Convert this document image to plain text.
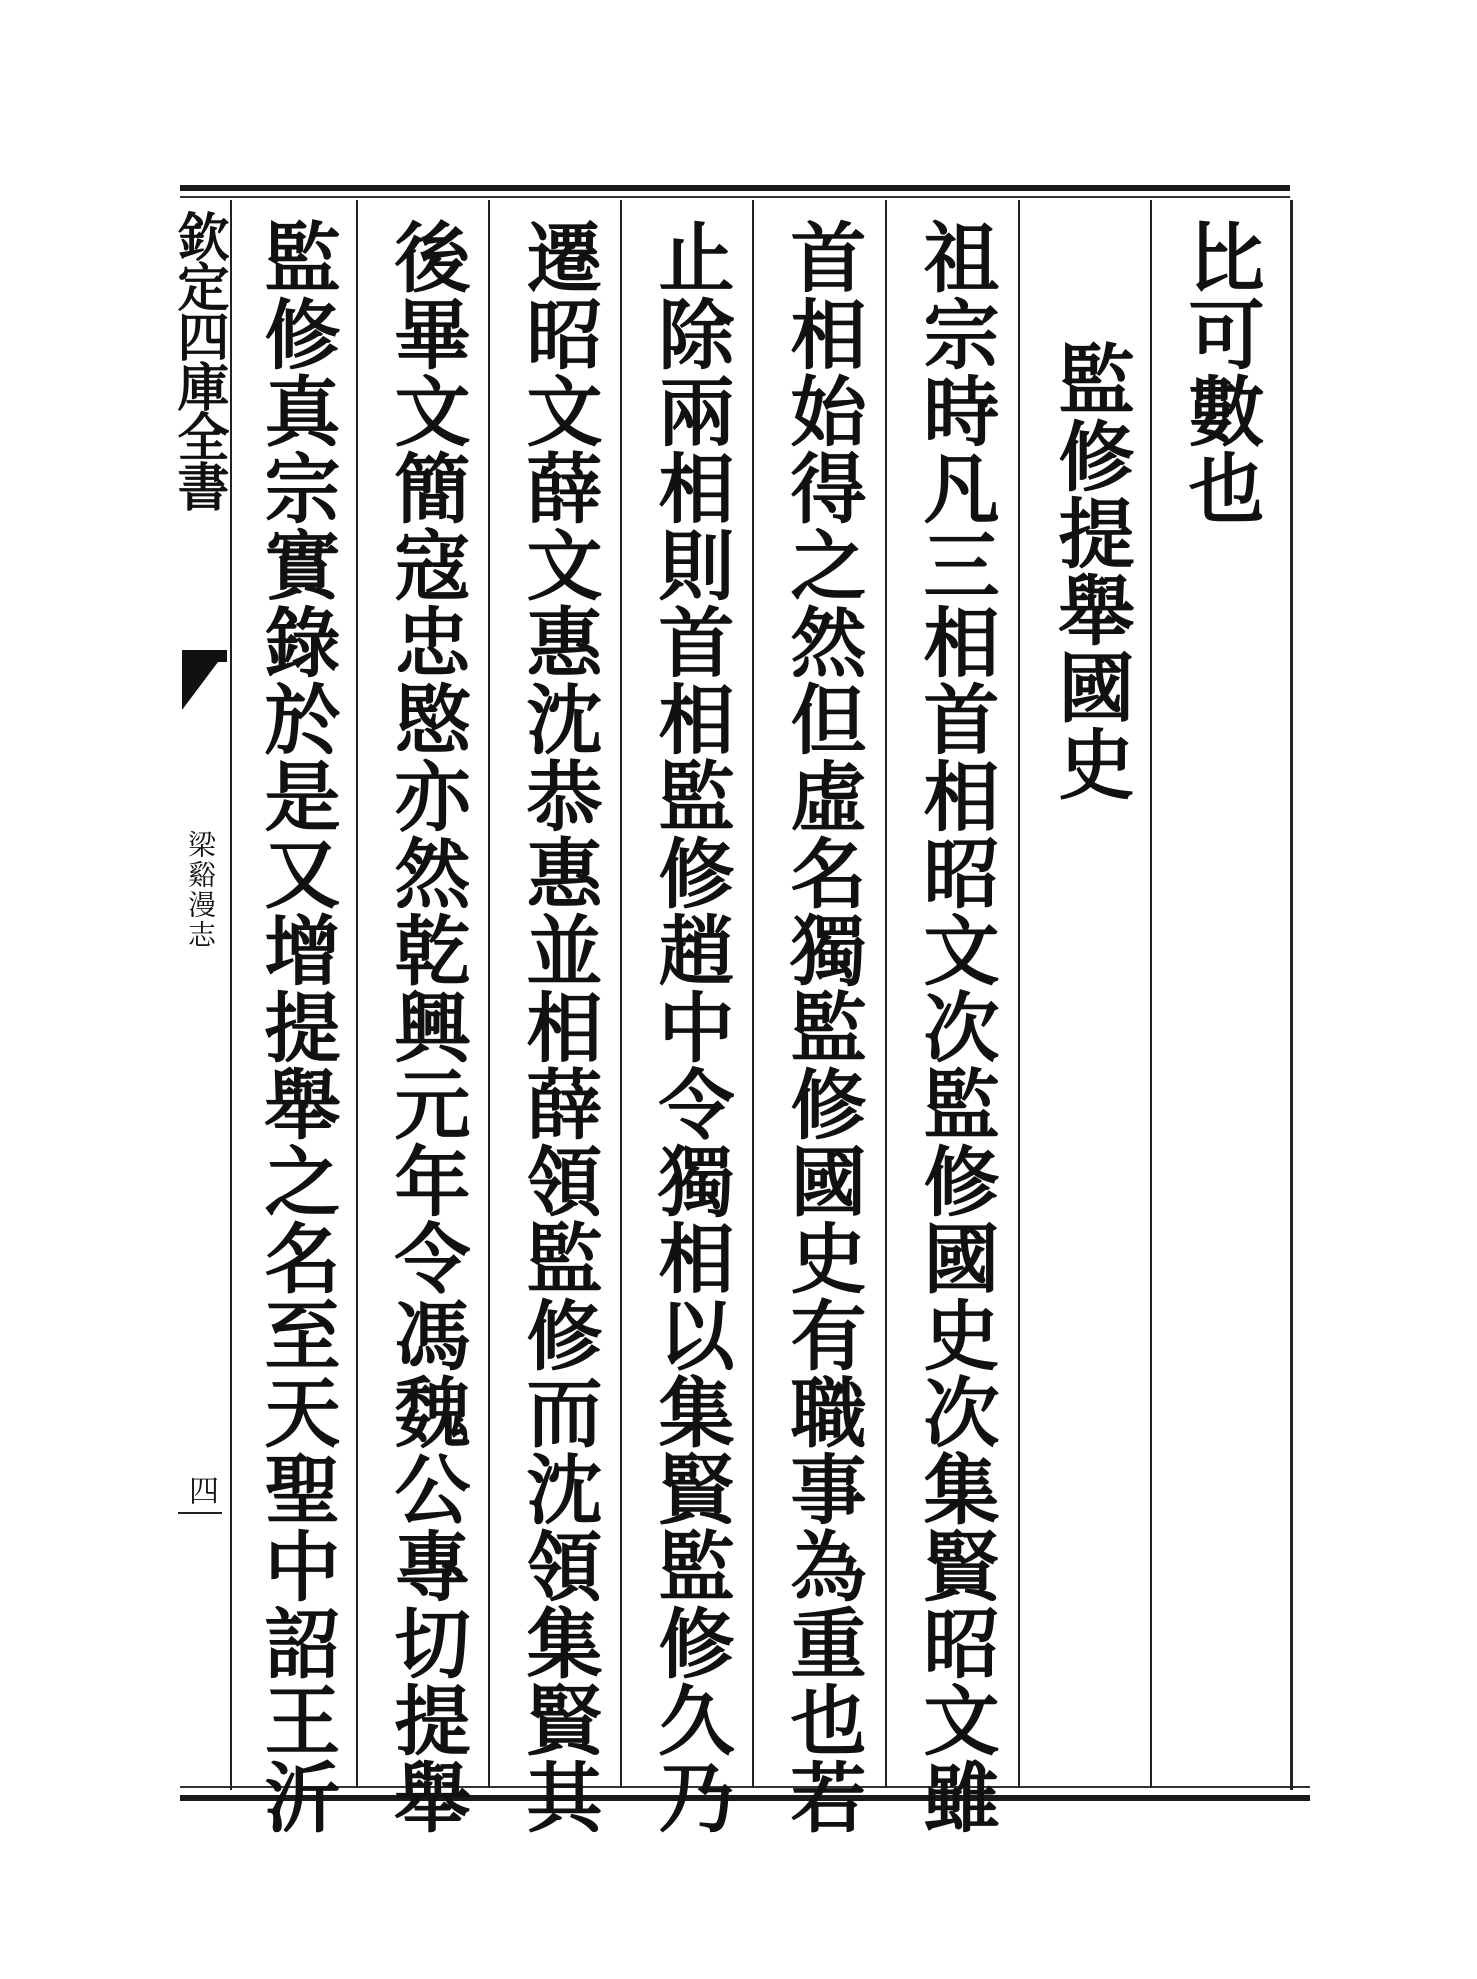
欽定四庫全書
梁谿漫志
四
比可數也
監修提舉國史
祖宗時凡三相首相昭文次監修國史次集賢昭文雖
首相始得之然但虛名獨監修國史有職事為重也若
止除兩相則首相監修趙中令獨相以集賢監修久乃
遷昭文薛文惠沈恭惠並相薛領監修而沈領集賢其
後畢文簡寇忠愍亦然乾興元年令馮魏公專切提舉
監修真宗實錄於是又增提舉之名至天聖中詔王沂
